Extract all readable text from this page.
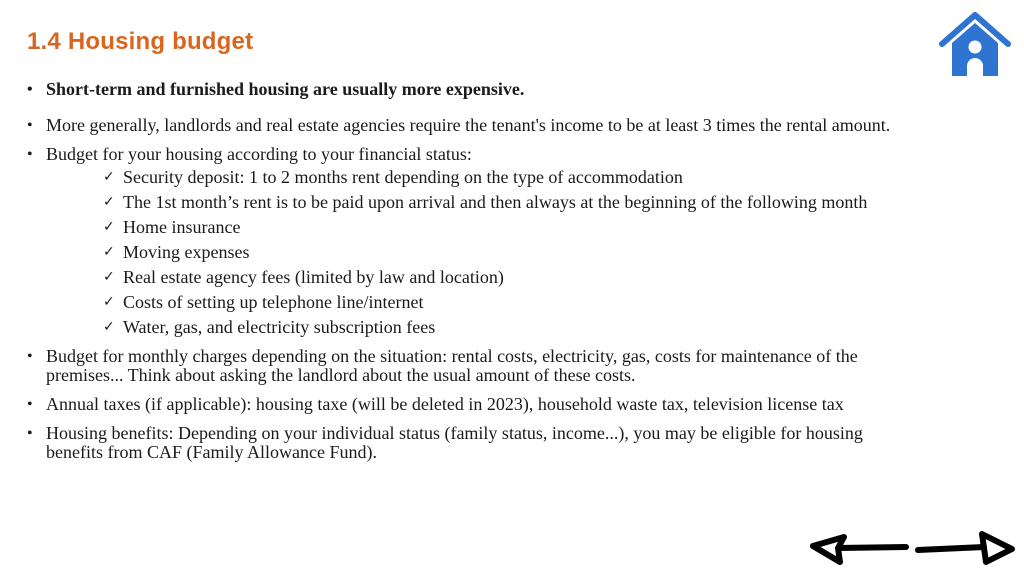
1.4 Housing budget
• Short-term and furnished housing are usually more expensive.
• More generally, landlords and real estate agencies require the tenant's income to be at least 3 times the rental amount.
• Budget for your housing according to your financial status:
✓ Security deposit: 1 to 2 months rent depending on the type of accommodation
✓ The 1st month’s rent is to be paid upon arrival and then always at the beginning of the following month
✓ Home insurance
✓ Moving expenses
✓ Real estate agency fees (limited by law and location)
✓ Costs of setting up telephone line/internet
✓ Water, gas, and electricity subscription fees
• Budget for monthly charges depending on the situation: rental costs, electricity, gas, costs for maintenance of the premises... Think about asking the landlord about the usual amount of these costs.
• Annual taxes (if applicable): housing taxe (will be deleted in 2023), household waste tax, television license tax
• Housing benefits: Depending on your individual status (family status, income...), you may be eligible for housing benefits from CAF (Family Allowance Fund).
